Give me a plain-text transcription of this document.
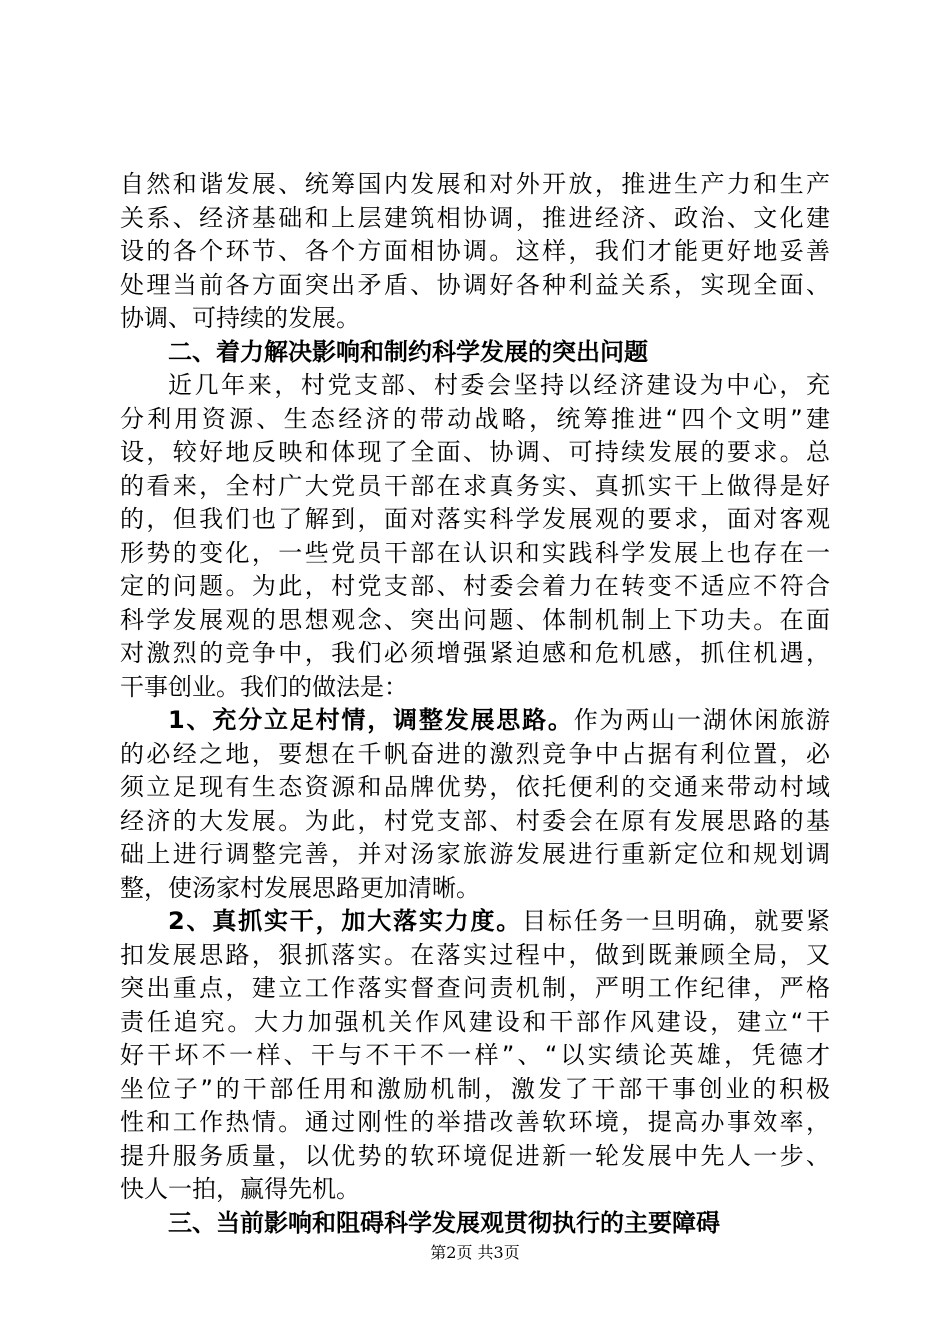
自然和谐发展、统筹国内发展和对外开放，推进生产力和生产
关系、经济基础和上层建筑相协调，推进经济、政治、文化建
设的各个环节、各个方面相协调。这样，我们才能更好地妥善
处理当前各方面突出矛盾、协调好各种利益关系，实现全面、
协调、可持续的发展。
二、着力解决影响和制约科学发展的突出问题
近几年来，村党支部、村委会坚持以经济建设为中心，充
分利用资源、生态经济的带动战略，统筹推进“四个文明”建
设，较好地反映和体现了全面、协调、可持续发展的要求。总
的看来，全村广大党员干部在求真务实、真抓实干上做得是好
的，但我们也了解到，面对落实科学发展观的要求，面对客观
形势的变化，一些党员干部在认识和实践科学发展上也存在一
定的问题。为此，村党支部、村委会着力在转变不适应不符合
科学发展观的思想观念、突出问题、体制机制上下功夫。在面
对激烈的竞争中，我们必须增强紧迫感和危机感，抓住机遇，
干事创业。我们的做法是：
1、充分立足村情，调整发展思路。作为两山一湖休闲旅游
的必经之地，要想在千帆奋进的激烈竞争中占据有利位置，必
须立足现有生态资源和品牌优势，依托便利的交通来带动村域
经济的大发展。为此，村党支部、村委会在原有发展思路的基
础上进行调整完善，并对汤家旅游发展进行重新定位和规划调
整，使汤家村发展思路更加清晰。
2、真抓实干，加大落实力度。目标任务一旦明确，就要紧
扣发展思路，狠抓落实。在落实过程中，做到既兼顾全局，又
突出重点，建立工作落实督查问责机制，严明工作纪律，严格
责任追究。大力加强机关作风建设和干部作风建设，建立“干
好干坏不一样、干与不干不一样”、“以实绩论英雄，凭德才
坐位子”的干部任用和激励机制，激发了干部干事创业的积极
性和工作热情。通过刚性的举措改善软环境，提高办事效率，
提升服务质量，以优势的软环境促进新一轮发展中先人一步、
快人一拍，赢得先机。
三、当前影响和阻碍科学发展观贯彻执行的主要障碍
第2页 共3页
